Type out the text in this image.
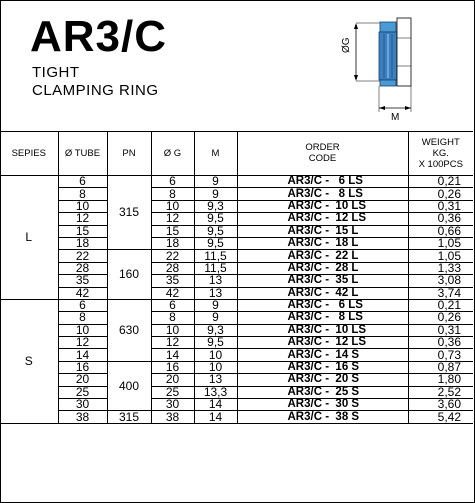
AR3/C
TIGHT
CLAMPING RING
ØG
M
SEPIES	Ø TUBE	PN	Ø G	M	ORDER
CODE	WEIGHT
KG.
X 100PCS
L	6	315	6	9	AR3/C -   6 LS	0,21
	8		8	9	AR3/C -   8 LS	0,26
	10		10	9,3	AR3/C -  10 LS	0,31
	12		12	9,5	AR3/C -  12 LS	0,36
	15		15	9,5	AR3/C -  15 L	0,66
	18		18	9,5	AR3/C -  18 L	1,05
	22	160	22	11,5	AR3/C -  22 L	1,05
	28		28	11,5	AR3/C -  28 L	1,33
	35		35	13	AR3/C -  35 L	3,08
	42		42	13	AR3/C -  42 L	3,74
S	6	630	6	9	AR3/C -   6 LS	0,21
	8		8	9	AR3/C -   8 LS	0,26
	10		10	9,3	AR3/C -  10 LS	0,31
	12		12	9,5	AR3/C -  12 LS	0,36
	14		14	10	AR3/C -  14 S	0,73
	16	400	16	10	AR3/C -  16 S	0,87
	20		20	13	AR3/C -  20 S	1,80
	25		25	13,3	AR3/C -  25 S	2,52
	30		30	14	AR3/C -  30 S	3,60
	38	315	38	14	AR3/C -  38 S	5,42
